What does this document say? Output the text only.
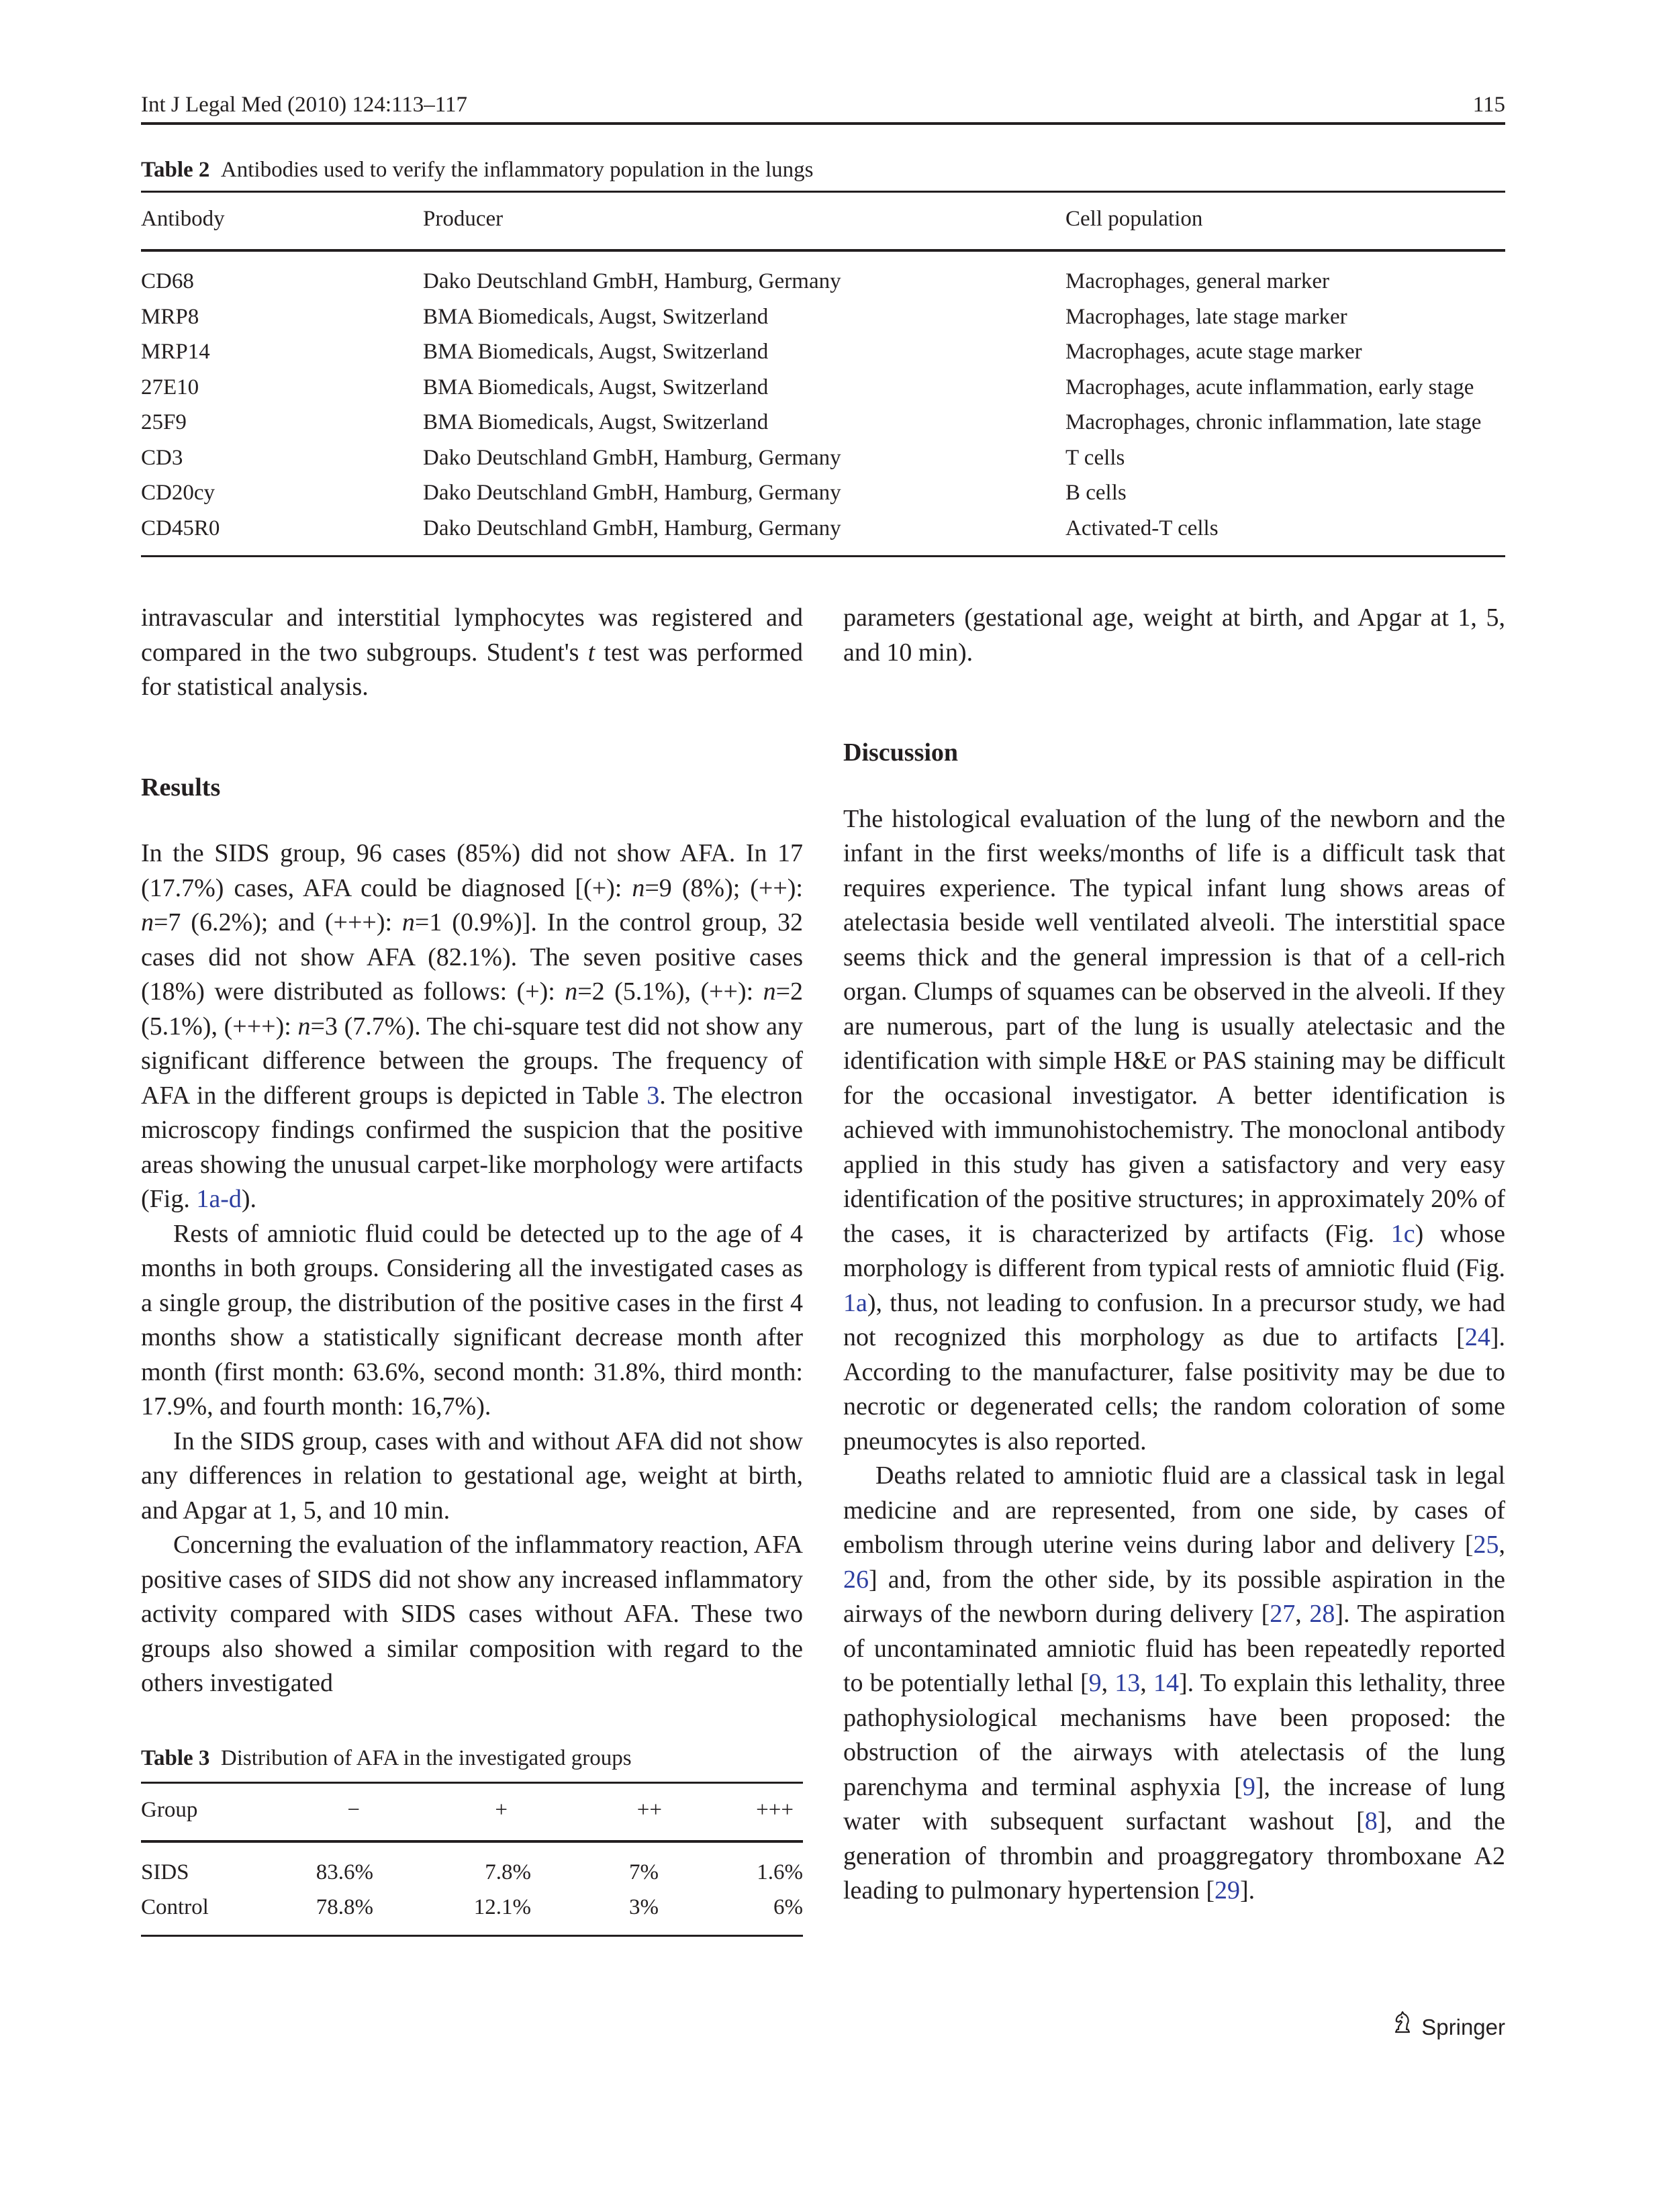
Int J Legal Med (2010) 124:113–117	115
Table 2 Antibodies used to verify the inflammatory population in the lungs
Antibody	Producer	Cell population
CD68	Dako Deutschland GmbH, Hamburg, Germany	Macrophages, general marker
MRP8	BMA Biomedicals, Augst, Switzerland	Macrophages, late stage marker
MRP14	BMA Biomedicals, Augst, Switzerland	Macrophages, acute stage marker
27E10	BMA Biomedicals, Augst, Switzerland	Macrophages, acute inflammation, early stage
25F9	BMA Biomedicals, Augst, Switzerland	Macrophages, chronic inflammation, late stage
CD3	Dako Deutschland GmbH, Hamburg, Germany	T cells
CD20cy	Dako Deutschland GmbH, Hamburg, Germany	B cells
CD45R0	Dako Deutschland GmbH, Hamburg, Germany	Activated-T cells

intravascular and interstitial lymphocytes was registered and compared in the two subgroups. Student's t test was performed for statistical analysis.

Results

In the SIDS group, 96 cases (85%) did not show AFA. In 17 (17.7%) cases, AFA could be diagnosed [(+): n=9 (8%); (++): n=7 (6.2%); and (+++): n=1 (0.9%)]. In the control group, 32 cases did not show AFA (82.1%). The seven positive cases (18%) were distributed as follows: (+): n=2 (5.1%), (++): n=2 (5.1%), (+++): n=3 (7.7%). The chi-square test did not show any significant difference between the groups. The frequency of AFA in the different groups is depicted in Table 3. The electron microscopy findings confirmed the suspicion that the positive areas showing the unusual carpet-like morphology were artifacts (Fig. 1a-d).

Rests of amniotic fluid could be detected up to the age of 4 months in both groups. Considering all the investigated cases as a single group, the distribution of the positive cases in the first 4 months show a statistically significant decrease month after month (first month: 63.6%, second month: 31.8%, third month: 17.9%, and fourth month: 16,7%).

In the SIDS group, cases with and without AFA did not show any differences in relation to gestational age, weight at birth, and Apgar at 1, 5, and 10 min.

Concerning the evaluation of the inflammatory reaction, AFA positive cases of SIDS did not show any increased inflammatory activity compared with SIDS cases without AFA. These two groups also showed a similar composition with regard to the others investigated

Table 3 Distribution of AFA in the investigated groups
Group	−	+	++	+++
SIDS	83.6%	7.8%	7%	1.6%
Control	78.8%	12.1%	3%	6%

parameters (gestational age, weight at birth, and Apgar at 1, 5, and 10 min).

Discussion

The histological evaluation of the lung of the newborn and the infant in the first weeks/months of life is a difficult task that requires experience. The typical infant lung shows areas of atelectasia beside well ventilated alveoli. The interstitial space seems thick and the general impression is that of a cell-rich organ. Clumps of squames can be observed in the alveoli. If they are numerous, part of the lung is usually atelectasic and the identification with simple H&E or PAS staining may be difficult for the occasional investigator. A better identification is achieved with immunohistochemistry. The monoclonal antibody applied in this study has given a satisfactory and very easy identification of the positive structures; in approximately 20% of the cases, it is characterized by artifacts (Fig. 1c) whose morphology is different from typical rests of amniotic fluid (Fig. 1a), thus, not leading to confusion. In a precursor study, we had not recognized this morphology as due to artifacts [24]. According to the manufacturer, false positivity may be due to necrotic or degenerated cells; the random coloration of some pneumocytes is also reported.

Deaths related to amniotic fluid are a classical task in legal medicine and are represented, from one side, by cases of embolism through uterine veins during labor and delivery [25, 26] and, from the other side, by its possible aspiration in the airways of the newborn during delivery [27, 28]. The aspiration of uncontaminated amniotic fluid has been repeatedly reported to be potentially lethal [9, 13, 14]. To explain this lethality, three pathophysiological mechanisms have been proposed: the obstruction of the airways with atelectasis of the lung parenchyma and terminal asphyxia [9], the increase of lung water with subsequent surfactant washout [8], and the generation of thrombin and proaggregatory thromboxane A2 leading to pulmonary hypertension [29].

Springer
